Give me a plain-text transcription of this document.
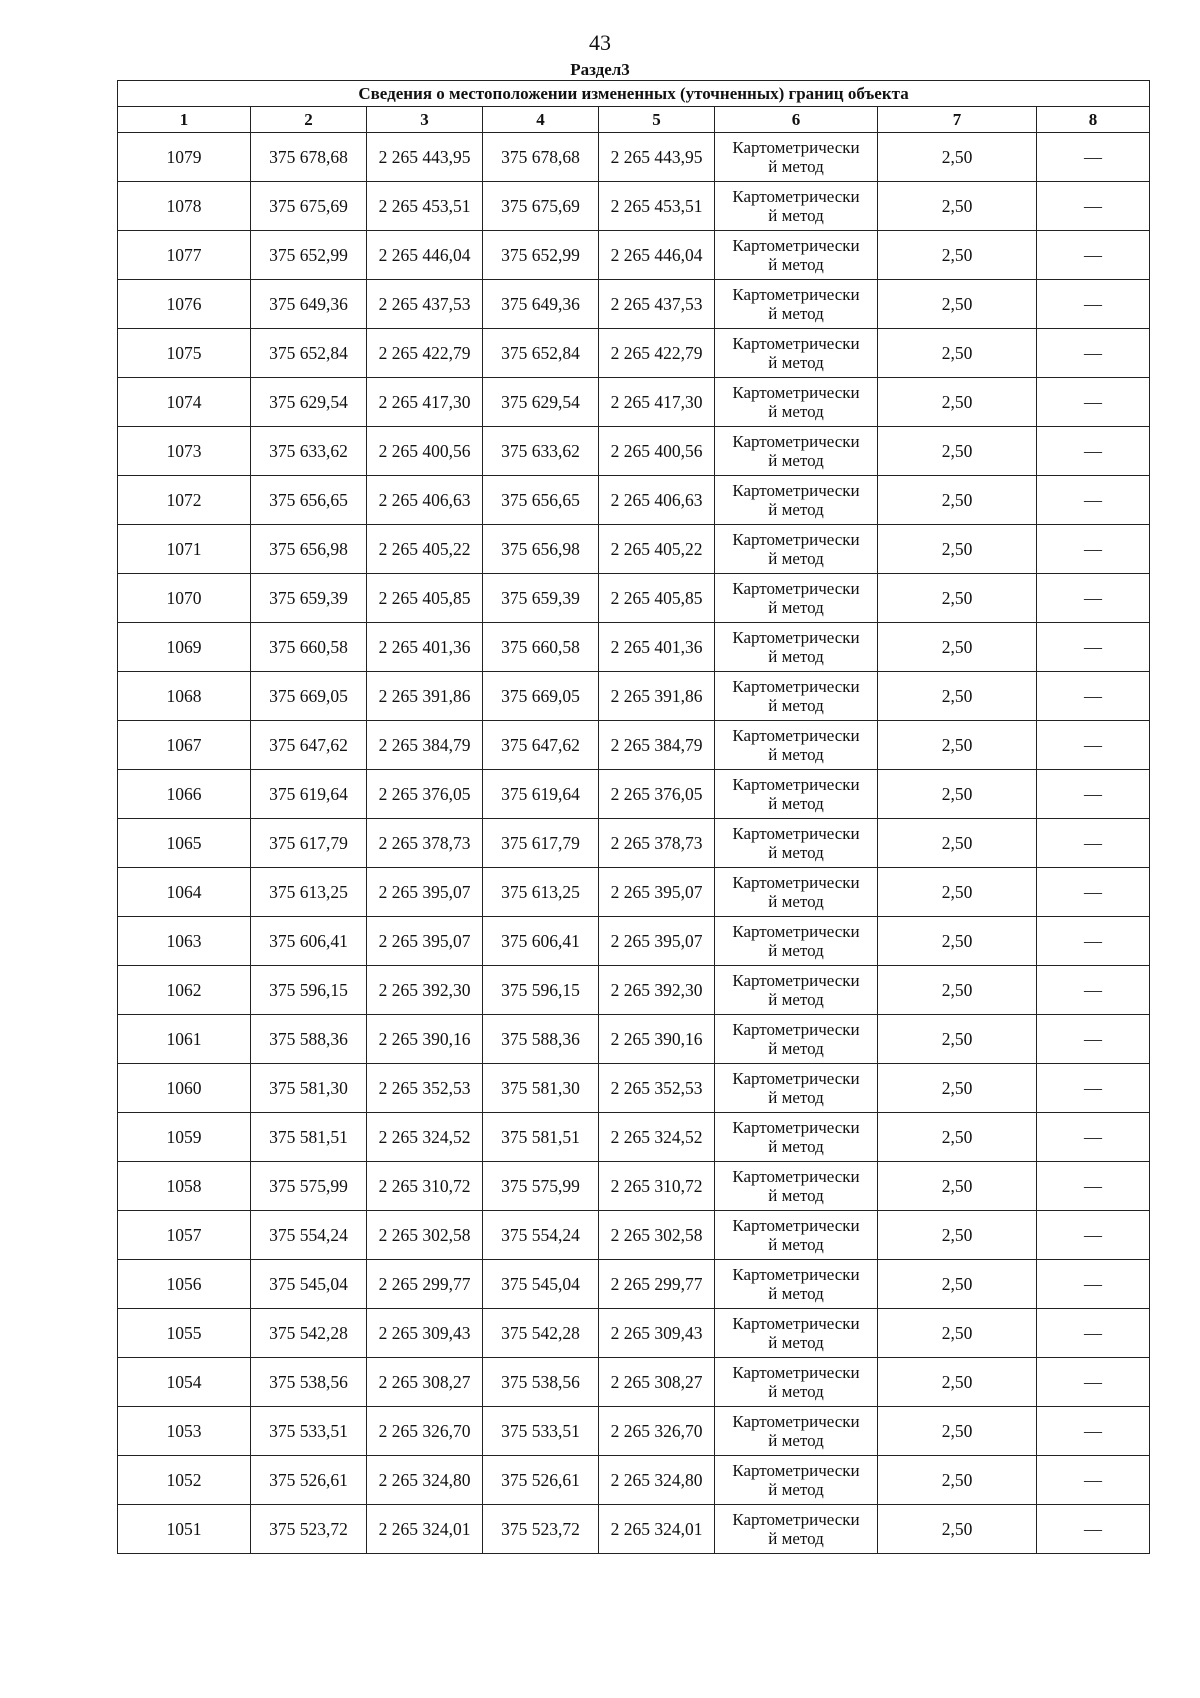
43
Раздел3
Сведения о местоположении измененных (уточненных) границ объекта							
1	2	3	4	5	6	7	8
1079	375 678,68	2 265 443,95	375 678,68	2 265 443,95	Картометрически
й метод	2,50	—
1078	375 675,69	2 265 453,51	375 675,69	2 265 453,51	Картометрически
й метод	2,50	—
1077	375 652,99	2 265 446,04	375 652,99	2 265 446,04	Картометрически
й метод	2,50	—
1076	375 649,36	2 265 437,53	375 649,36	2 265 437,53	Картометрически
й метод	2,50	—
1075	375 652,84	2 265 422,79	375 652,84	2 265 422,79	Картометрически
й метод	2,50	—
1074	375 629,54	2 265 417,30	375 629,54	2 265 417,30	Картометрически
й метод	2,50	—
1073	375 633,62	2 265 400,56	375 633,62	2 265 400,56	Картометрически
й метод	2,50	—
1072	375 656,65	2 265 406,63	375 656,65	2 265 406,63	Картометрически
й метод	2,50	—
1071	375 656,98	2 265 405,22	375 656,98	2 265 405,22	Картометрически
й метод	2,50	—
1070	375 659,39	2 265 405,85	375 659,39	2 265 405,85	Картометрически
й метод	2,50	—
1069	375 660,58	2 265 401,36	375 660,58	2 265 401,36	Картометрически
й метод	2,50	—
1068	375 669,05	2 265 391,86	375 669,05	2 265 391,86	Картометрически
й метод	2,50	—
1067	375 647,62	2 265 384,79	375 647,62	2 265 384,79	Картометрически
й метод	2,50	—
1066	375 619,64	2 265 376,05	375 619,64	2 265 376,05	Картометрически
й метод	2,50	—
1065	375 617,79	2 265 378,73	375 617,79	2 265 378,73	Картометрически
й метод	2,50	—
1064	375 613,25	2 265 395,07	375 613,25	2 265 395,07	Картометрически
й метод	2,50	—
1063	375 606,41	2 265 395,07	375 606,41	2 265 395,07	Картометрически
й метод	2,50	—
1062	375 596,15	2 265 392,30	375 596,15	2 265 392,30	Картометрически
й метод	2,50	—
1061	375 588,36	2 265 390,16	375 588,36	2 265 390,16	Картометрически
й метод	2,50	—
1060	375 581,30	2 265 352,53	375 581,30	2 265 352,53	Картометрически
й метод	2,50	—
1059	375 581,51	2 265 324,52	375 581,51	2 265 324,52	Картометрически
й метод	2,50	—
1058	375 575,99	2 265 310,72	375 575,99	2 265 310,72	Картометрически
й метод	2,50	—
1057	375 554,24	2 265 302,58	375 554,24	2 265 302,58	Картометрически
й метод	2,50	—
1056	375 545,04	2 265 299,77	375 545,04	2 265 299,77	Картометрически
й метод	2,50	—
1055	375 542,28	2 265 309,43	375 542,28	2 265 309,43	Картометрически
й метод	2,50	—
1054	375 538,56	2 265 308,27	375 538,56	2 265 308,27	Картометрически
й метод	2,50	—
1053	375 533,51	2 265 326,70	375 533,51	2 265 326,70	Картометрически
й метод	2,50	—
1052	375 526,61	2 265 324,80	375 526,61	2 265 324,80	Картометрически
й метод	2,50	—
1051	375 523,72	2 265 324,01	375 523,72	2 265 324,01	Картометрически
й метод	2,50	—
